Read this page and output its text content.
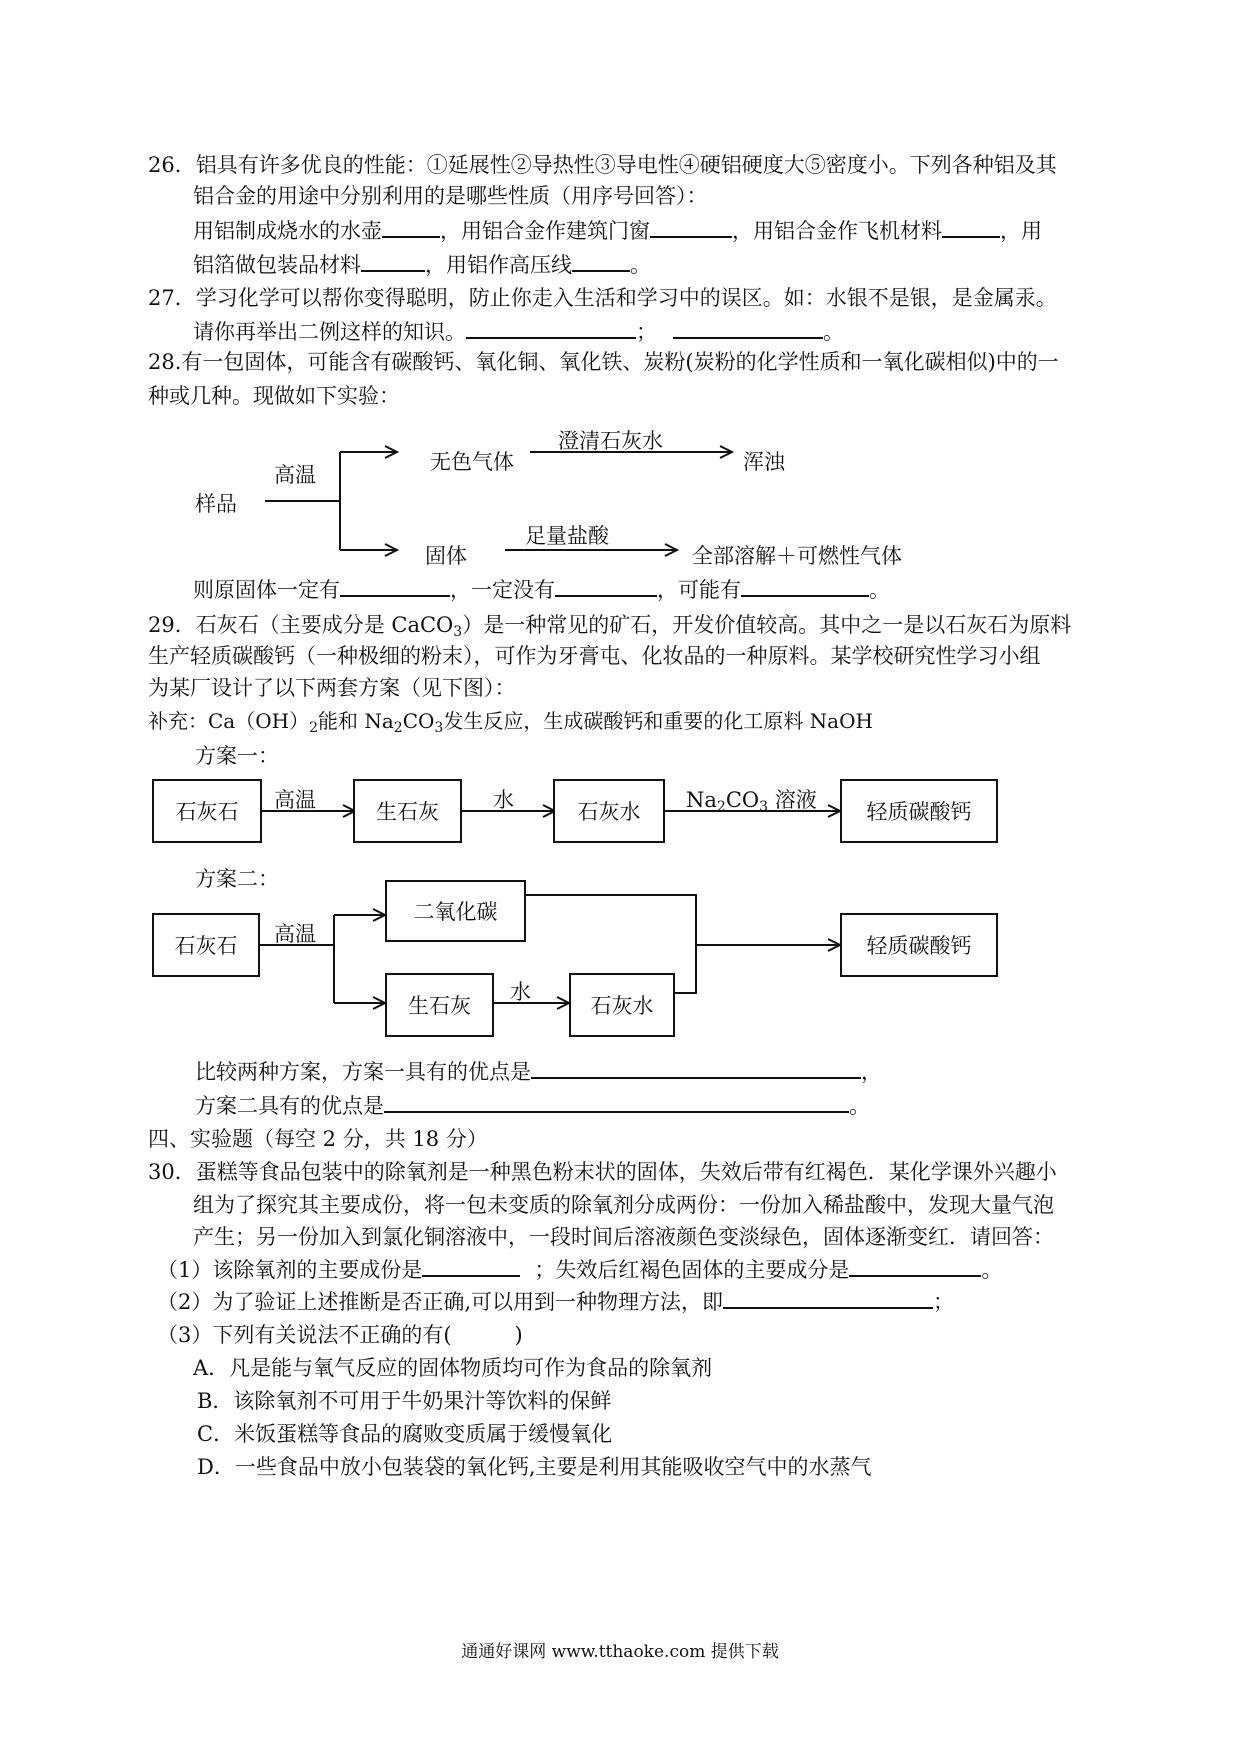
26．铝具有许多优良的性能：①延展性②导热性③导电性④硬铝硬度大⑤密度小。下列各种铝及其
铝合金的用途中分别利用的是哪些性质（用序号回答）：
用铝制成烧水的水壶	，用铝合金作建筑门窗	，用铝合金作飞机材料	，用
铝箔做包装品材料	，用铝作高压线	。
27．学习化学可以帮你变得聪明，防止你走入生活和学习中的误区。如：水银不是银，是金属汞。
请你再举出二例这样的知识。	；	。
28.有一包固体，可能含有碳酸钙、氧化铜、氧化铁、炭粉(炭粉的化学性质和一氧化碳相似)中的一
种或几种。现做如下实验：
样品
高温
无色气体
澄清石灰水
浑浊
固体
足量盐酸
全部溶解＋可燃性气体
则原固体一定有	，一定没有	，可能有	。
29．石灰石（主要成分是 CaCO$_3$）是一种常见的矿石，开发价值较高。其中之一是以石灰石为原料
生产轻质碳酸钙（一种极细的粉末），可作为牙膏屯、化妆品的一种原料。某学校研究性学习小组
为某厂设计了以下两套方案（见下图）：
补充：$Ca(OH)_2$能和 $Na_2CO_3$发生反应，生成碳酸钙和重要的化工原料 NaOH
方案一：
石灰石	高温	生石灰	水	石灰水	$Na_2CO_3$ 溶液	轻质碳酸钙
方案二：
石灰石	高温
二氧化碳
生石灰
水
石灰水
轻质碳酸钙
比较两种方案，方案一具有的优点是	，
方案二具有的优点是	。
四、实验题（每空 2 分，共 18 分）
30．蛋糕等食品包装中的除氧剂是一种黑色粉末状的固体，失效后带有红褐色．某化学课外兴趣小
组为了探究其主要成份，将一包未变质的除氧剂分成两份：一份加入稀盐酸中，发现大量气泡
产生；另一份加入到氯化铜溶液中，一段时间后溶液颜色变淡绿色，固体逐渐变红．请回答：
（1）该除氧剂的主要成份是	；失效后红褐色固体的主要成分是	。
（2）为了验证上述推断是否正确,可以用到一种物理方法，即	；
（3）下列有关说法不正确的有(　　　)
A．凡是能与氧气反应的固体物质均可作为食品的除氧剂
B．该除氧剂不可用于牛奶果汁等饮料的保鲜
C．米饭蛋糕等食品的腐败变质属于缓慢氧化
D．一些食品中放小包装袋的氧化钙,主要是利用其能吸收空气中的水蒸气
通通好课网 www.tthaoke.com 提供下载
